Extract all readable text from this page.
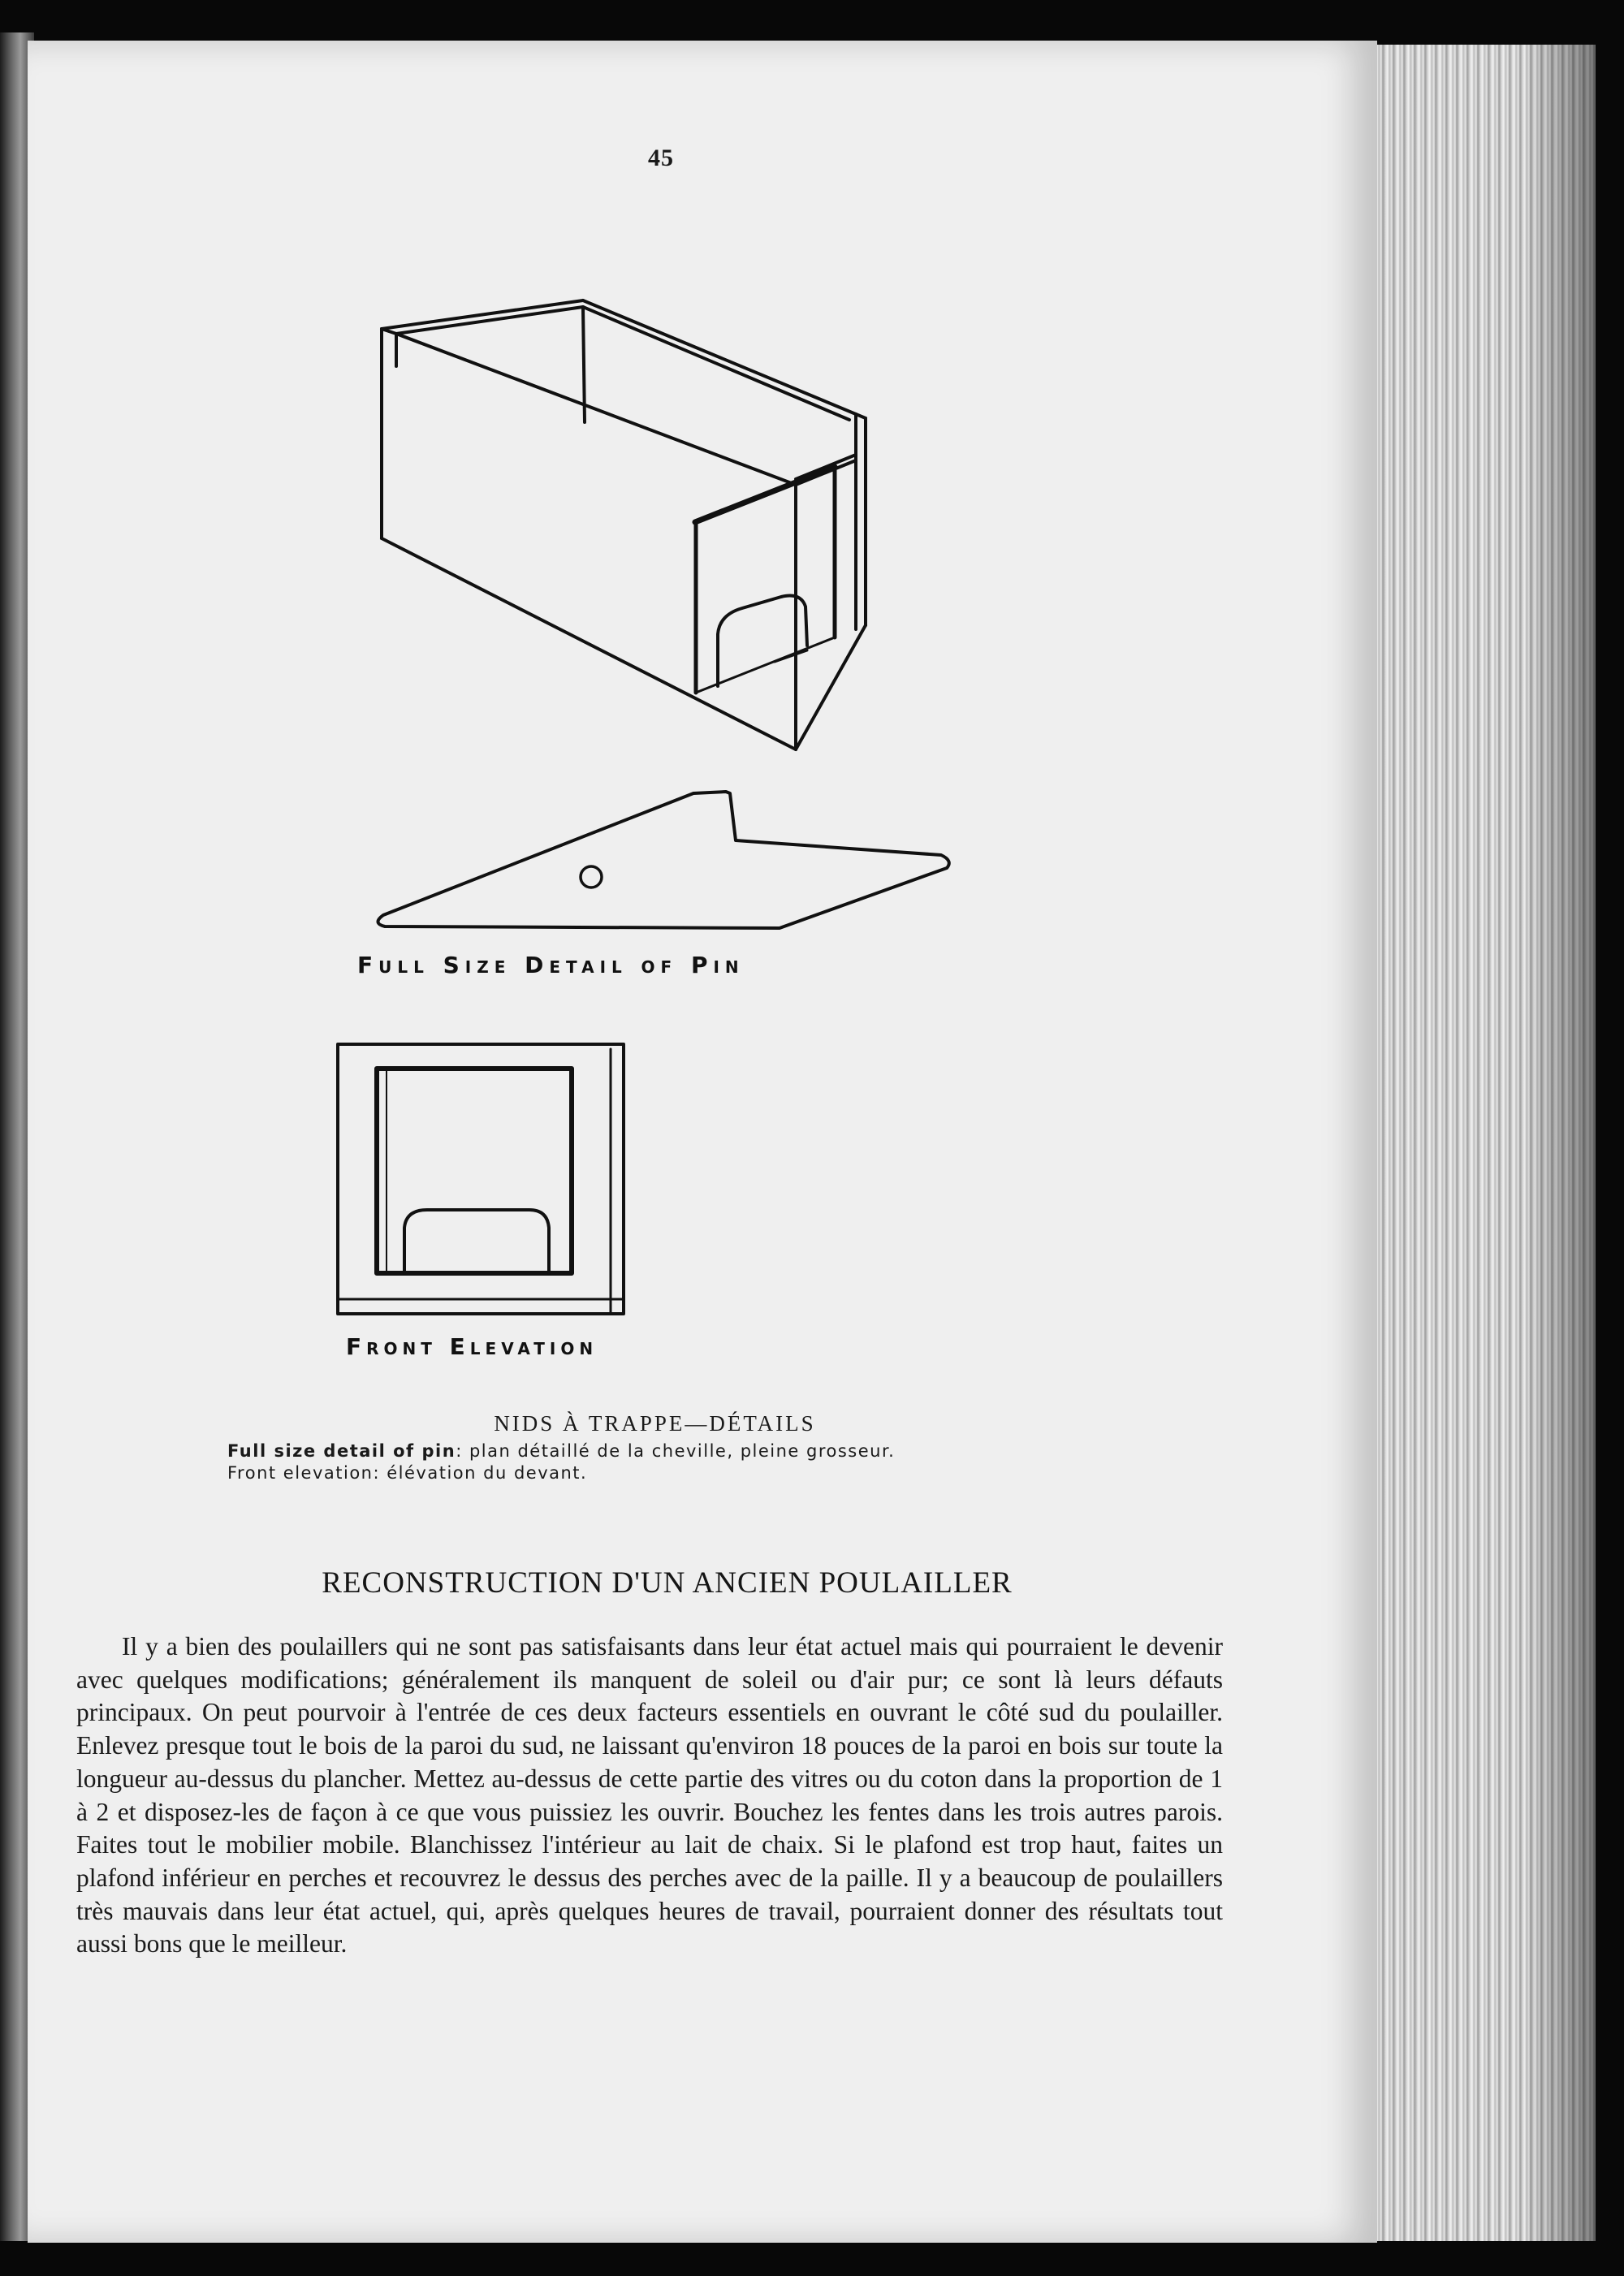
45
Full Size Detail of Pin
Front Elevation
NIDS À TRAPPE—DÉTAILS
Full size detail of pin: plan détaillé de la cheville, pleine grosseur.
Front elevation: élévation du devant.
RECONSTRUCTION D'UN ANCIEN POULAILLER

Il y a bien des poulaillers qui ne sont pas satisfaisants dans leur état actuel mais qui pourraient le devenir avec quelques modifications; généralement ils manquent de soleil ou d'air pur; ce sont là leurs défauts principaux. On peut pourvoir à l'entrée de ces deux facteurs essentiels en ouvrant le côté sud du poulailler. Enlevez presque tout le bois de la paroi du sud, ne laissant qu'environ 18 pouces de la paroi en bois sur toute la longueur au-dessus du plancher. Mettez au-dessus de cette partie des vitres ou du coton dans la proportion de 1 à 2 et disposez-les de façon à ce que vous puissiez les ouvrir. Bouchez les fentes dans les trois autres parois. Faites tout le mobilier mobile. Blanchissez l'intérieur au lait de chaix. Si le plafond est trop haut, faites un plafond inférieur en perches et recouvrez le dessus des perches avec de la paille. Il y a beaucoup de poulaillers très mauvais dans leur état actuel, qui, après quelques heures de travail, pourraient donner des résultats tout aussi bons que le meilleur.
